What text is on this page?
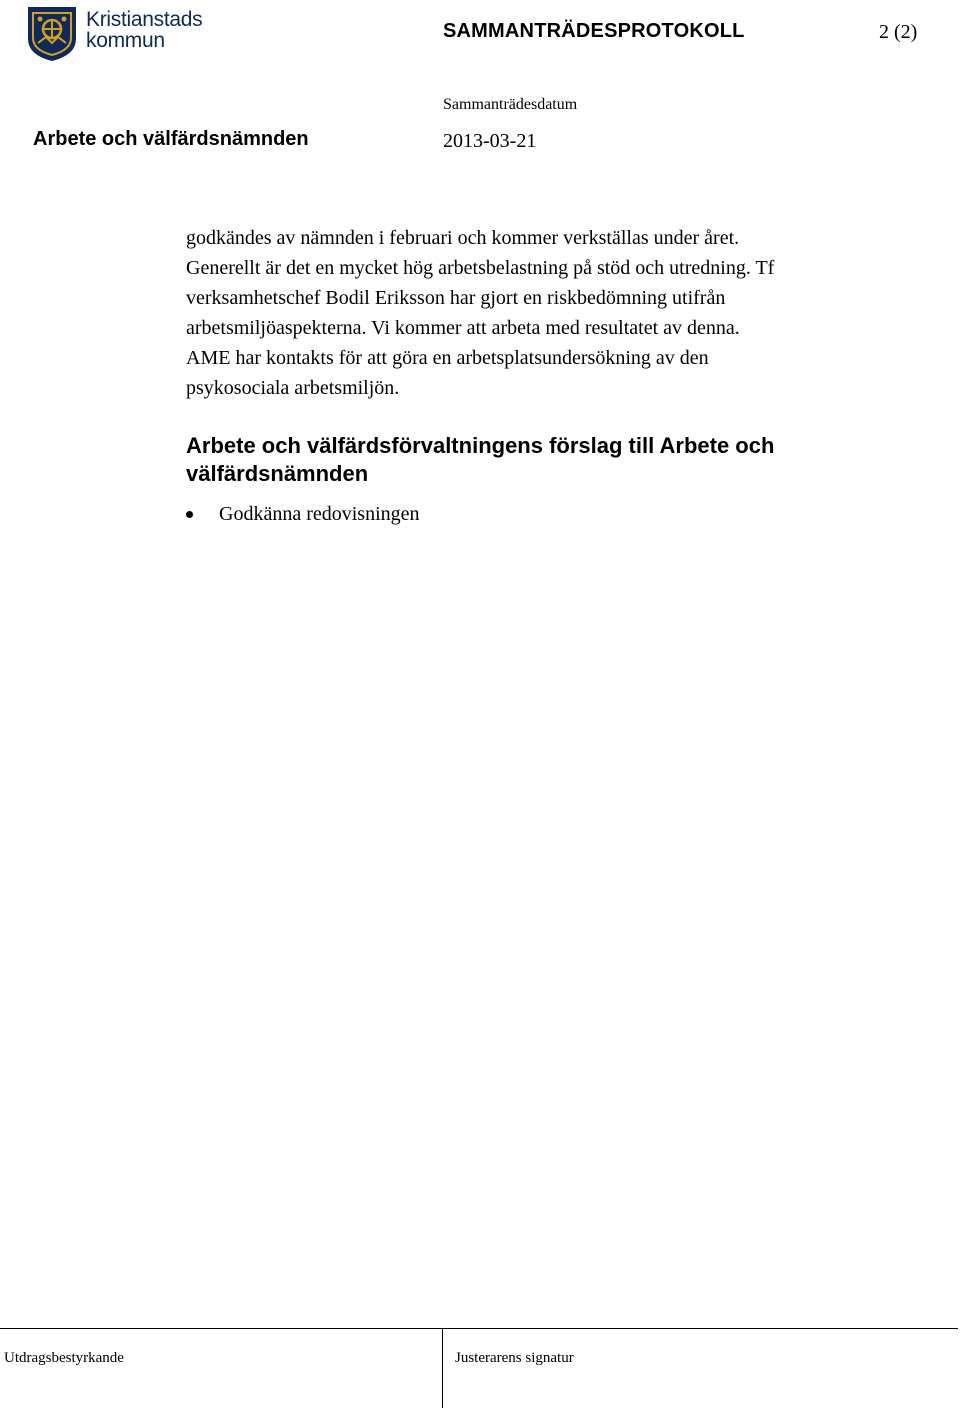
Kristianstads
kommun	SAMMANTRÄDESPROTOKOLL	2 (2)
Sammanträdesdatum
Arbete och välfärdsnämnden	2013-03-21

godkändes av nämnden i februari och kommer verkställas under året.

Generellt är det en mycket hög arbetsbelastning på stöd och utredning. Tf

verksamhetschef Bodil Eriksson har gjort en riskbedömning utifrån

arbetsmiljöaspekterna. Vi kommer att arbeta med resultatet av denna.

AME har kontakts för att göra en arbetsplatsundersökning av den

psykosociala arbetsmiljön.

Arbete och välfärdsförvaltningens förslag till Arbete och välfärdsnämnden
Godkänna redovisningen
Utdragsbestyrkande	Justerarens signatur
